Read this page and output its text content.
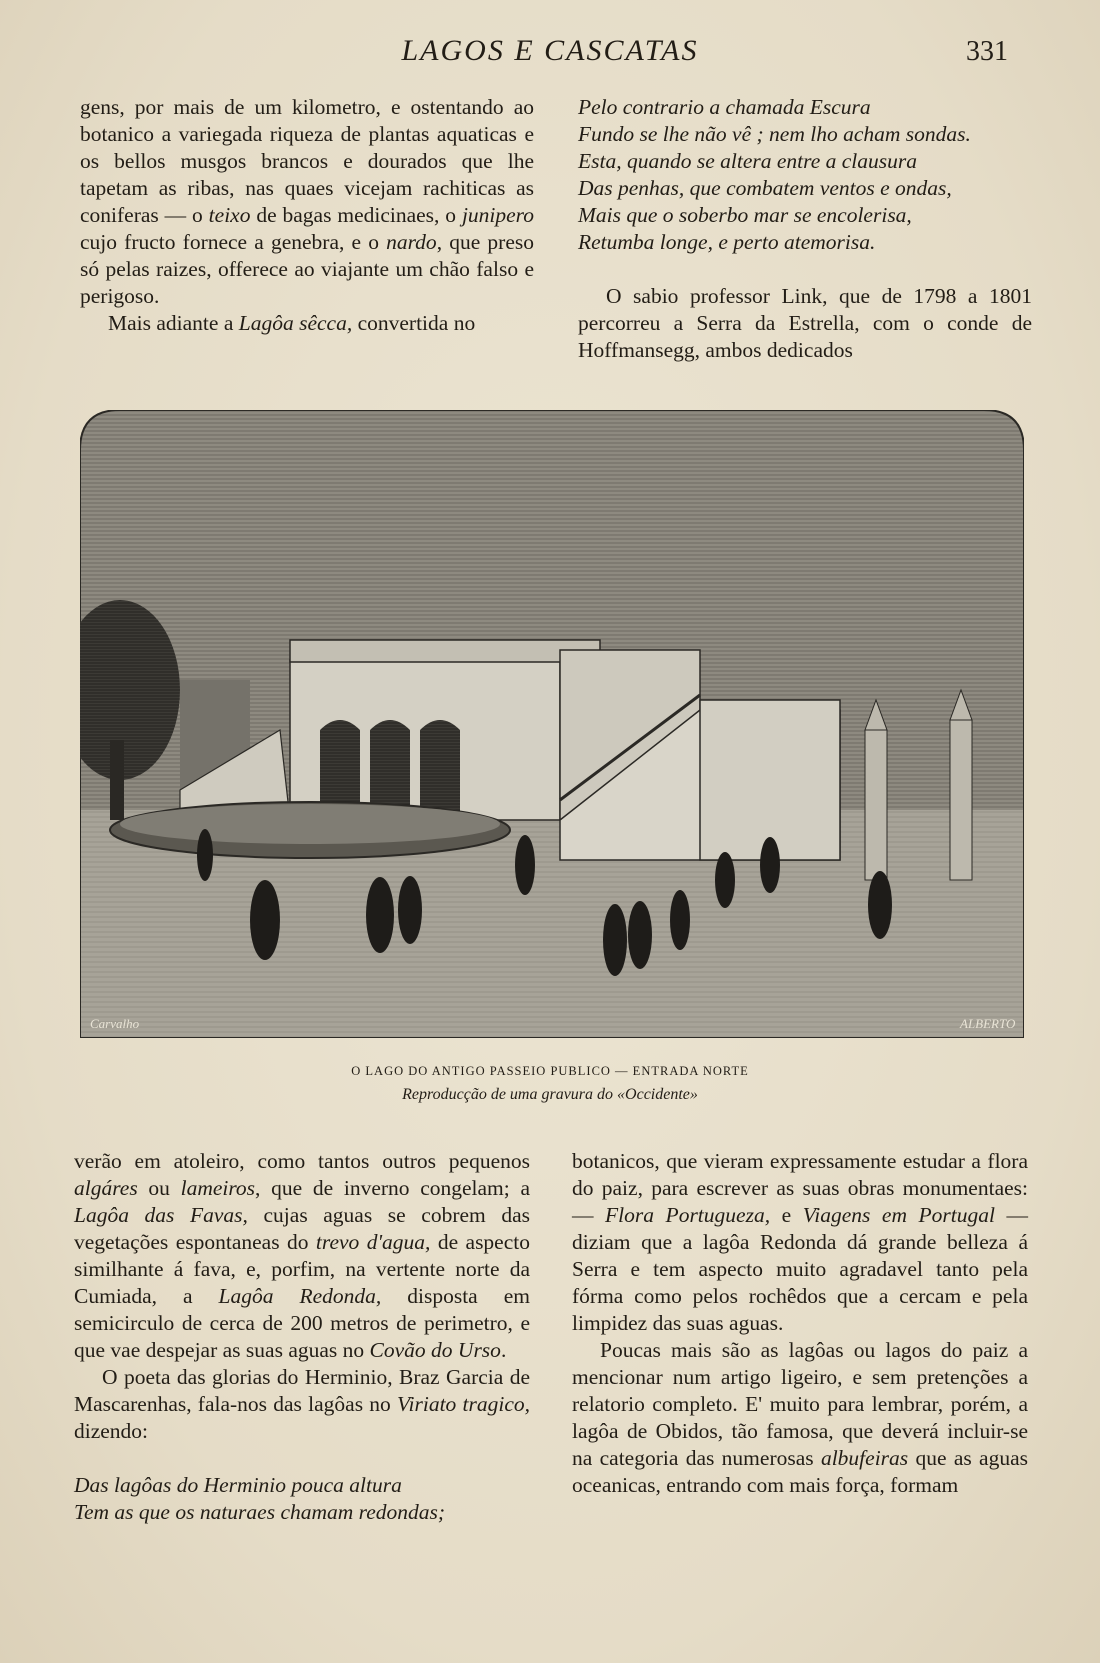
LAGOS E CASCATAS	331

gens, por mais de um kilometro, e ostentando ao botanico a variegada riqueza de plantas aquaticas e os bellos musgos brancos e dourados que lhe tapetam as ribas, nas quaes vicejam rachiticas as coniferas — o teixo de bagas medicinaes, o junipero cujo fructo fornece a genebra, e o nardo, que preso só pelas raizes, offerece ao viajante um chão falso e perigoso.

Mais adiante a Lagôa sêcca, convertida no

Pelo contrario a chamada Escura
Fundo se lhe não vê ; nem lho acham sondas.
Esta, quando se altera entre a clausura
Das penhas, que combatem ventos e ondas,
Mais que o soberbo mar se encolerisa,
Retumba longe, e perto atemorisa.

O sabio professor Link, que de 1798 a 1801 percorreu a Serra da Estrella, com o conde de Hoffmansegg, ambos dedicados

Carvalho	ALBERTO
O LAGO DO ANTIGO PASSEIO PUBLICO — ENTRADA NORTE
Reproducção de uma gravura do «Occidente»

verão em atoleiro, como tantos outros pequenos algáres ou lameiros, que de inverno congelam; a Lagôa das Favas, cujas aguas se cobrem das vegetações espontaneas do trevo d'agua, de aspecto similhante á fava, e, porfim, na vertente norte da Cumiada, a Lagôa Redonda, disposta em semicirculo de cerca de 200 metros de perimetro, e que vae despejar as suas aguas no Covão do Urso.

O poeta das glorias do Herminio, Braz Garcia de Mascarenhas, fala-nos das lagôas no Viriato tragico, dizendo:

Das lagôas do Herminio pouca altura
Tem as que os naturaes chamam redondas;

botanicos, que vieram expressamente estudar a flora do paiz, para escrever as suas obras monumentaes: — Flora Portugueza, e Viagens em Portugal — diziam que a lagôa Redonda dá grande belleza á Serra e tem aspecto muito agradavel tanto pela fórma como pelos rochêdos que a cercam e pela limpidez das suas aguas.

Poucas mais são as lagôas ou lagos do paiz a mencionar num artigo ligeiro, e sem pretenções a relatorio completo. E' muito para lembrar, porém, a lagôa de Obidos, tão famosa, que deverá incluir-se na categoria das numerosas albufeiras que as aguas oceanicas, entrando com mais força, formam
